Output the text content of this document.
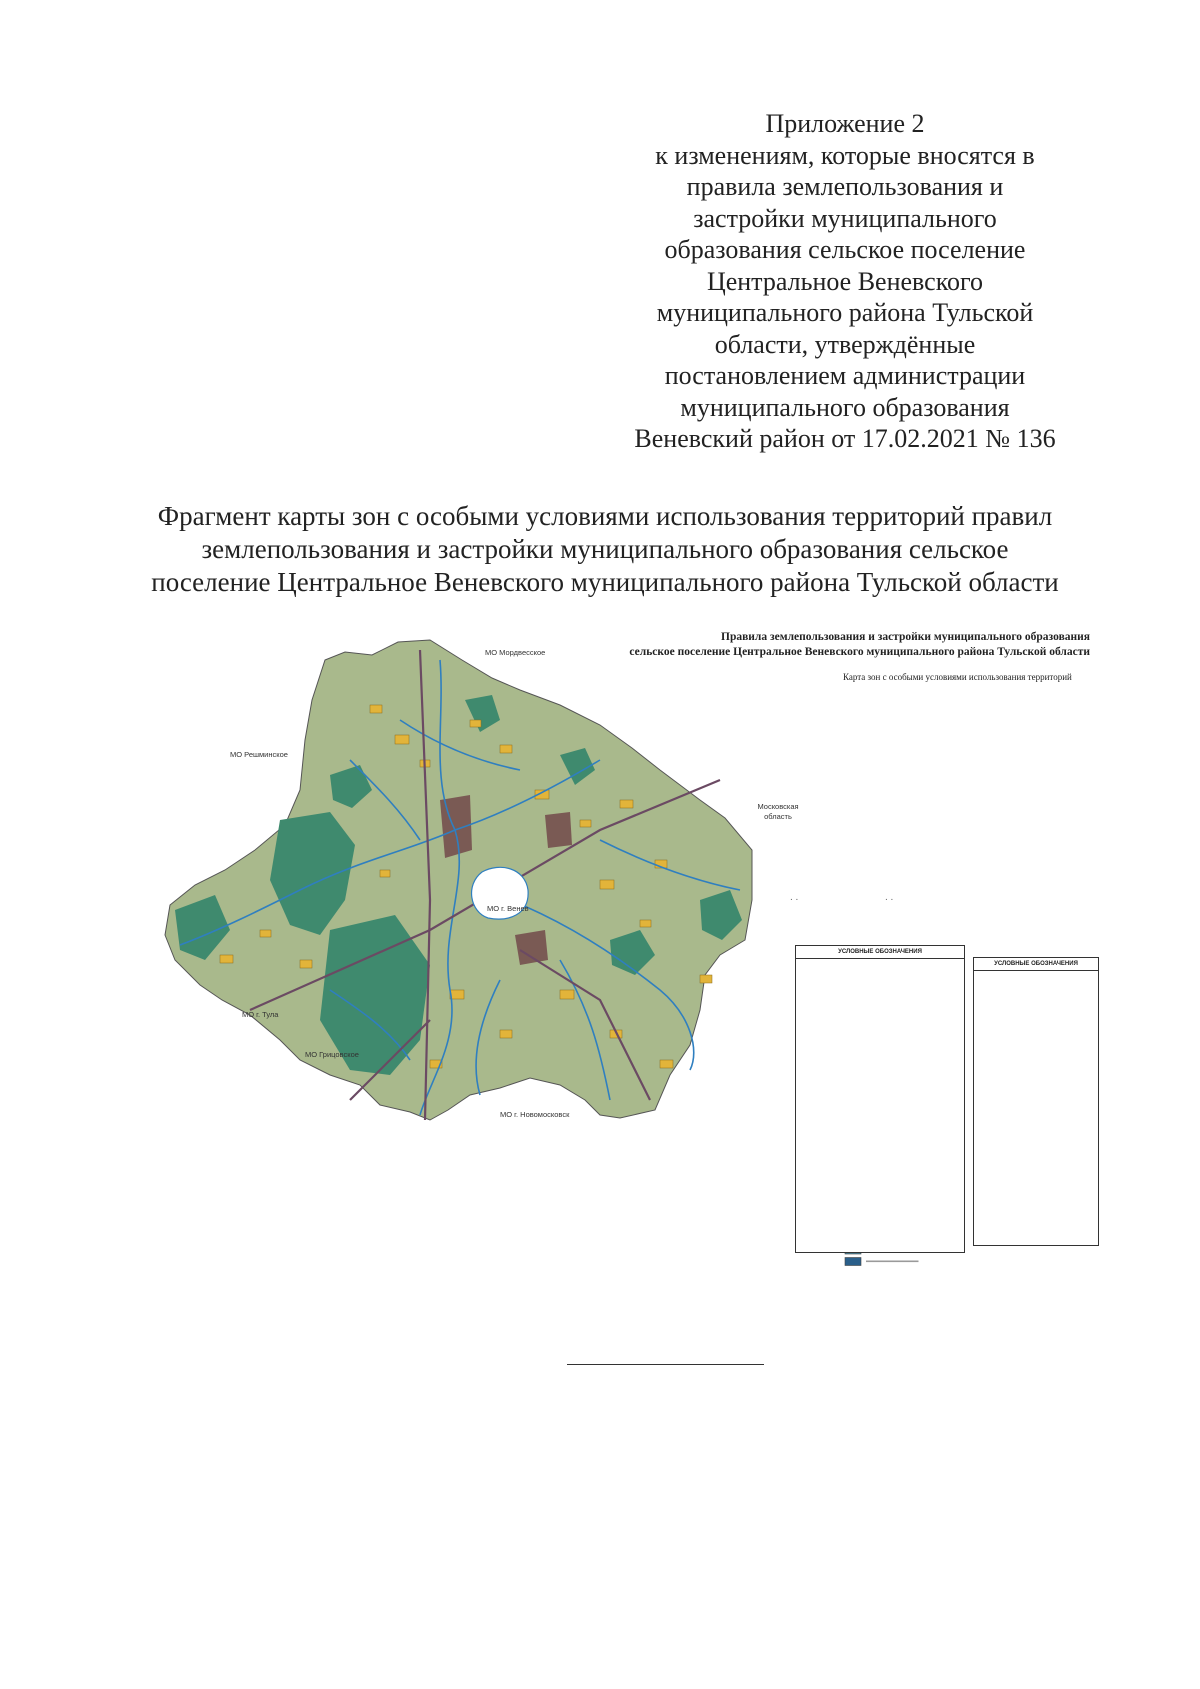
Приложение 2
к изменениям, которые вносятся в
правила землепользования и
застройки муниципального
образования сельское поселение
Центральное Веневского
муниципального района Тульской
области, утверждённые
постановлением администрации
муниципального образования
Веневский район от 17.02.2021 № 136
Фрагмент карты зон с особыми условиями использования территорий правил
землепользования и застройки муниципального образования сельское
поселение Центральное Веневского муниципального района Тульской области
. .	. .
Правила землепользования и застройки муниципального образования
сельское поселение Центральное Веневского муниципального района Тульской области
Карта зон с особыми условиями использования территорий
МО Мордвесское
МО Решминское
Московская область
МО г. Венев
МО г. Тула
МО Грицовское
МО г. Новомосковск
УСЛОВНЫЕ ОБОЗНАЧЕНИЯ
УСЛОВНЫЕ ОБОЗНАЧЕНИЯ
